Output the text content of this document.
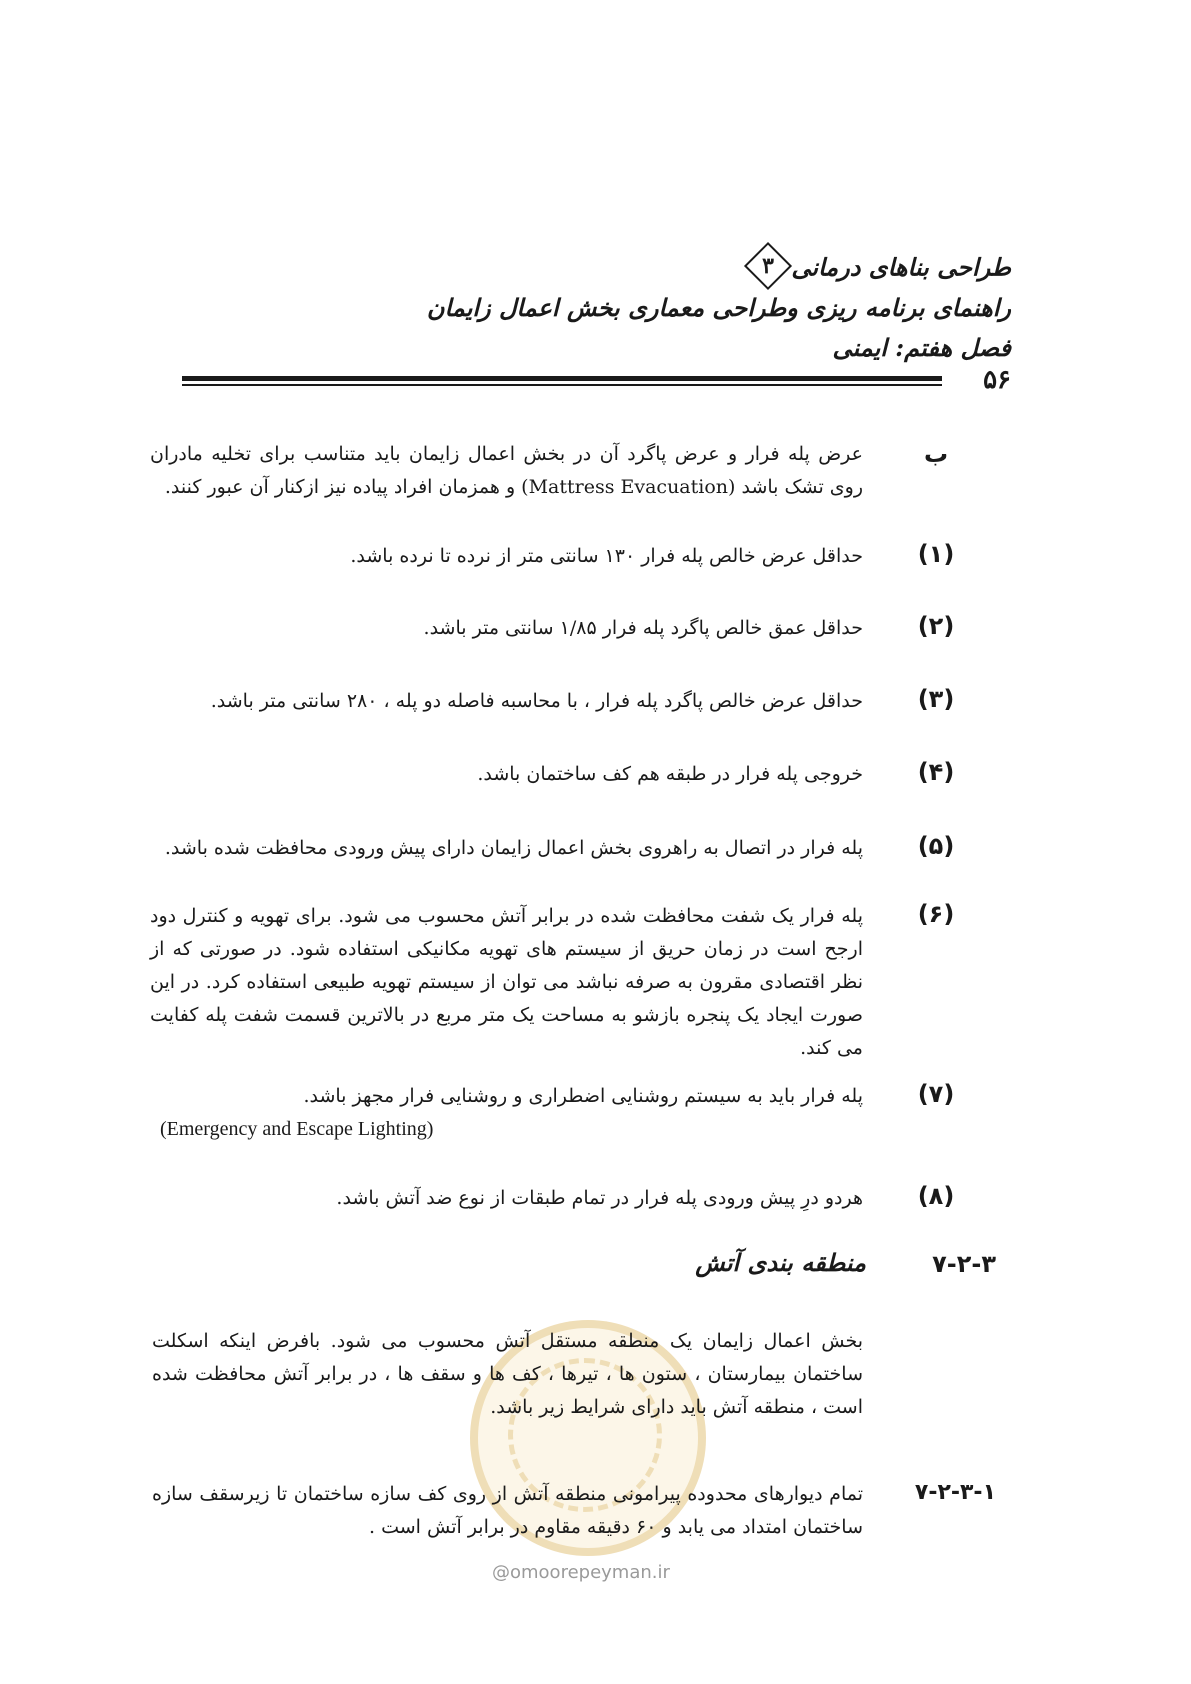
طراحی بناهای درمانی
۳
راهنمای برنامه ریزی وطراحی معماری بخش اعمال زایمان
فصل هفتم: ایمنی
۵۶
ب
عرض پله فرار و عرض پاگرد آن در بخش اعمال زایمان باید متناسب برای تخلیه مادران روی تشک باشد (Mattress Evacuation) و همزمان افراد پیاده نیز ازکنار آن عبور کنند.
(۱)
حداقل عرض خالص پله فرار ۱۳۰ سانتی متر از نرده تا نرده باشد.
(۲)
حداقل عمق خالص پاگرد پله فرار ۱/۸۵ سانتی متر باشد.
(۳)
حداقل عرض خالص پاگرد پله فرار ، با محاسبه فاصله دو پله ، ۲۸۰ سانتی متر باشد.
(۴)
خروجی پله فرار در طبقه هم کف ساختمان باشد.
(۵)
پله فرار در اتصال به راهروی بخش اعمال زایمان دارای پیش ورودی محافظت شده باشد.
(۶)
پله فرار یک شفت محافظت شده در برابر آتش محسوب می شود. برای تهویه و کنترل دود ارجح است در زمان حریق از سیستم های تهویه مکانیکی استفاده شود. در صورتی که از نظر اقتصادی مقرون به صرفه نباشد می توان از سیستم تهویه طبیعی استفاده کرد. در این صورت ایجاد یک پنجره بازشو به مساحت یک متر مربع در بالاترین قسمت شفت پله کفایت می کند.
(۷)
پله فرار باید به سیستم روشنایی اضطراری و روشنایی فرار مجهز باشد.
(Emergency and Escape Lighting)
(۸)
هردو درِ پیش ورودی پله فرار در تمام طبقات از نوع ضد آتش باشد.
@omoorepeyman.ir
۷-۲-۳
منطقه بندی آتش
بخش اعمال زایمان یک منطقه مستقل آتش محسوب می شود. بافرض اینکه اسکلت ساختمان بیمارستان ، ستون ها ، تیرها ، کف ها و سقف ها ، در برابر آتش محافظت شده است ، منطقه آتش باید دارای شرایط زیر باشد.
۷-۲-۳-۱
تمام دیوارهای محدوده پیرامونی منطقه آتش از روی کف سازه ساختمان تا زیرسقف سازه ساختمان امتداد می یابد و ۶۰ دقیقه مقاوم در برابر آتش است .
